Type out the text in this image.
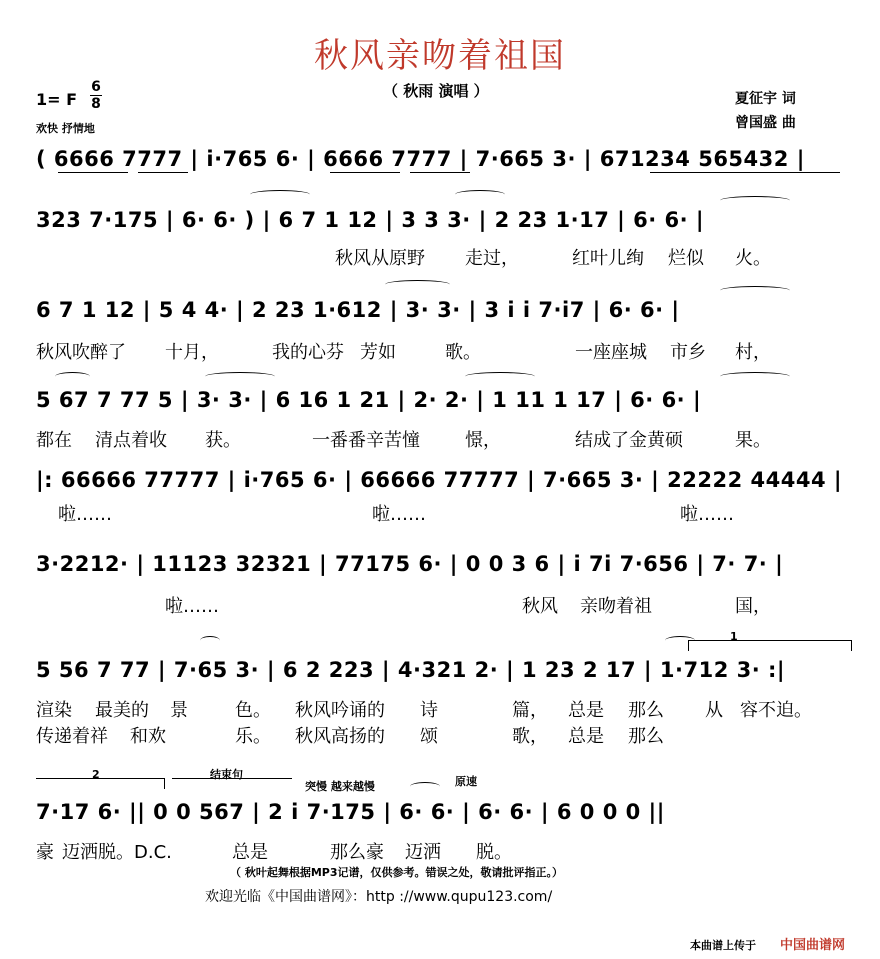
秋风亲吻着祖国
（ 秋雨 演唱 ）
1= F
6
8
欢快 抒情地
夏征宇 词
曾国盛 曲
( 6666 7777 | i·765 6· | 6666 7777 | 7·665 3· | 671234 565432 |
323 7·175 | 6· 6· ) | 6 7 1 12 | 3 3 3· | 2 23 1·17 | 6· 6· |
6 7 1 12 | 5 4 4· | 2 23 1·612 | 3· 3· | 3 i i 7·i7 | 6· 6· |
5 67 7 77 5 | 3· 3· | 6 16 1 21 | 2· 2· | 1 11 1 17 | 6· 6· |
|: 66666 77777 | i·765 6· | 66666 77777 | 7·665 3· | 22222 44444 |
3·2212· | 11123 32321 | 77175 6· | 0 0 3 6 | i 7i 7·656 | 7· 7· |
5 56 7 77 | 7·65 3· | 6 2 223 | 4·321 2· | 1 23 2 17 | 1·712 3· :|
7·17 6· || 0 0 567 | 2 i 7·175 | 6· 6· | 6· 6· | 6 0 0 0 ||
秋风从原野 走过，	红叶儿绚 烂似 火。
秋风吹醉了 十月，	我的心芬 芳如	歌。	一座座城 市乡 村，
都在 清点着收 获。	一番番辛苦憧	憬，	结成了金黄硕	果。
啦……	啦……	啦……
啦……	秋风 亲吻着祖	国，
渲染 最美的 景	色。 秋风吟诵的 诗	篇， 总是 那么 从 容不迫。
传递着祥 和欢	乐。 秋风高扬的 颂	歌， 总是 那么
豪 迈洒脱。D.C.	总是	那么豪 迈洒 脱。
1
2	结束句
突慢 越来越慢	原速
（ 秋叶起舞根据MP3记谱，仅供参考。错误之处，敬请批评指正。）
欢迎光临《中国曲谱网》：http ://www.qupu123.com/
本曲谱上传于 中国曲谱网
